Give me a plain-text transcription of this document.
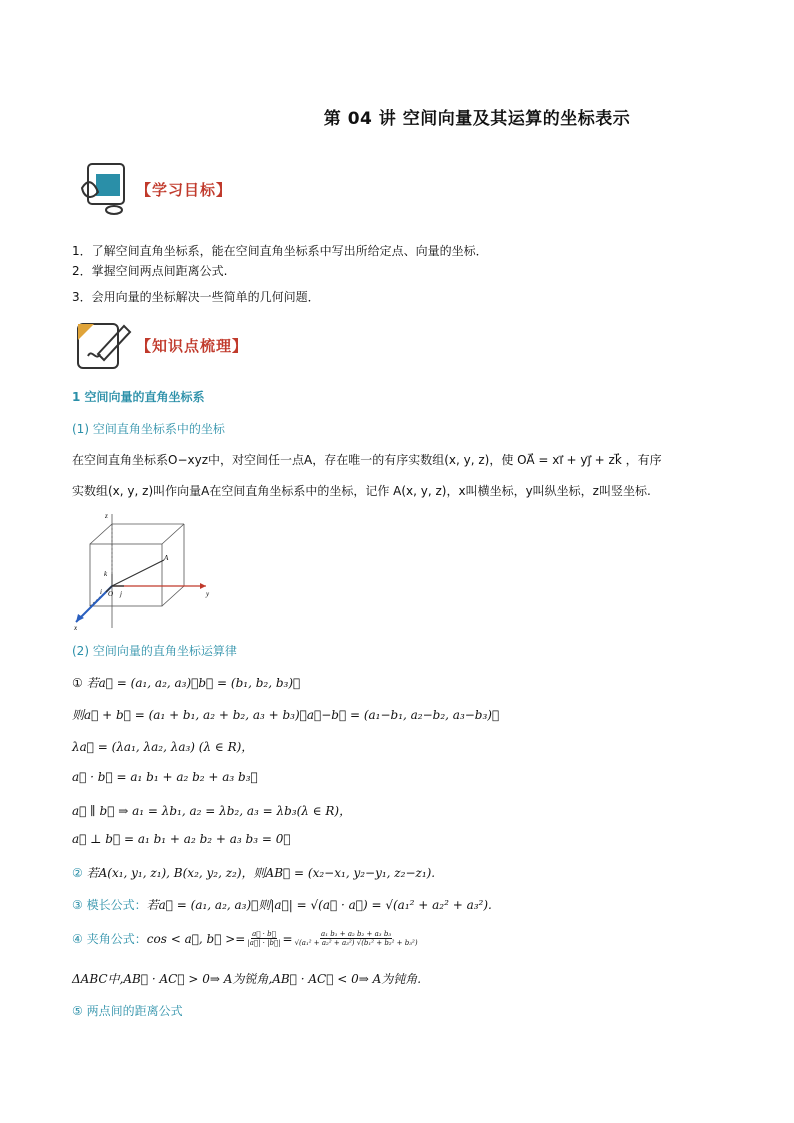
第 04 讲 空间向量及其运算的坐标表示
【学习目标】
1．了解空间直角坐标系，能在空间直角坐标系中写出所给定点、向量的坐标．
2．掌握空间两点间距离公式.
3．会用向量的坐标解决一些简单的几何问题．
【知识点梳理】
1 空间向量的直角坐标系
(1) 空间直角坐标系中的坐标
在空间直角坐标系O−xyz中，对空间任一点A，存在唯一的有序实数组(x, y, z)，使 OA⃗ = xi⃗ + yj⃗ + zk⃗ ，有序
实数组(x, y, z)叫作向量A在空间直角坐标系中的坐标，记作 A(x, y, z)，x叫横坐标，y叫纵坐标，z叫竖坐标.
z
y
x
k⃗
i⃗ j⃗
O
A
(2) 空间向量的直角坐标运算律
① 若a⃗ = (a₁, a₂, a₃)，b⃗ = (b₁, b₂, b₃)，
则a⃗ + b⃗ = (a₁ + b₁, a₂ + b₂, a₃ + b₃)，a⃗−b⃗ = (a₁−b₁, a₂−b₂, a₃−b₃)，
λa⃗ = (λa₁, λa₂, λa₃) (λ ∈ R)，
a⃗ · b⃗ = a₁ b₁ + a₂ b₂ + a₃ b₃，
a⃗ ∥ b⃗ ⇒ a₁ = λb₁, a₂ = λb₂, a₃ = λb₃(λ ∈ R)，
a⃗ ⊥ b⃗ = a₁ b₁ + a₂ b₂ + a₃ b₃ = 0，
② 若A(x₁, y₁, z₁), B(x₂, y₂, z₂)，则AB⃗ = (x₂−x₁, y₂−y₁, z₂−z₁).
③ 模长公式：若a⃗ = (a₁, a₂, a₃)，则|a⃗| = √(a⃗ · a⃗) = √(a₁² + a₂² + a₃²).
④ 夹角公式： cos < a⃗, b⃗ >= $\frac{a⃗ \cdot b⃗}{|a⃗| \cdot |b⃗|} = \frac{\text{a₁ b₁ + a₂ b₂ + a₃ b₃}}{\text{√(a₁² + a₂² + a₃²) √(b₁² + b₂² + b₃²)}}$
ΔABC中,AB⃗ · AC⃗ > 0⇒ A为锐角,AB⃗ · AC⃗ < 0⇒ A为钝角.
⑤ 两点间的距离公式
